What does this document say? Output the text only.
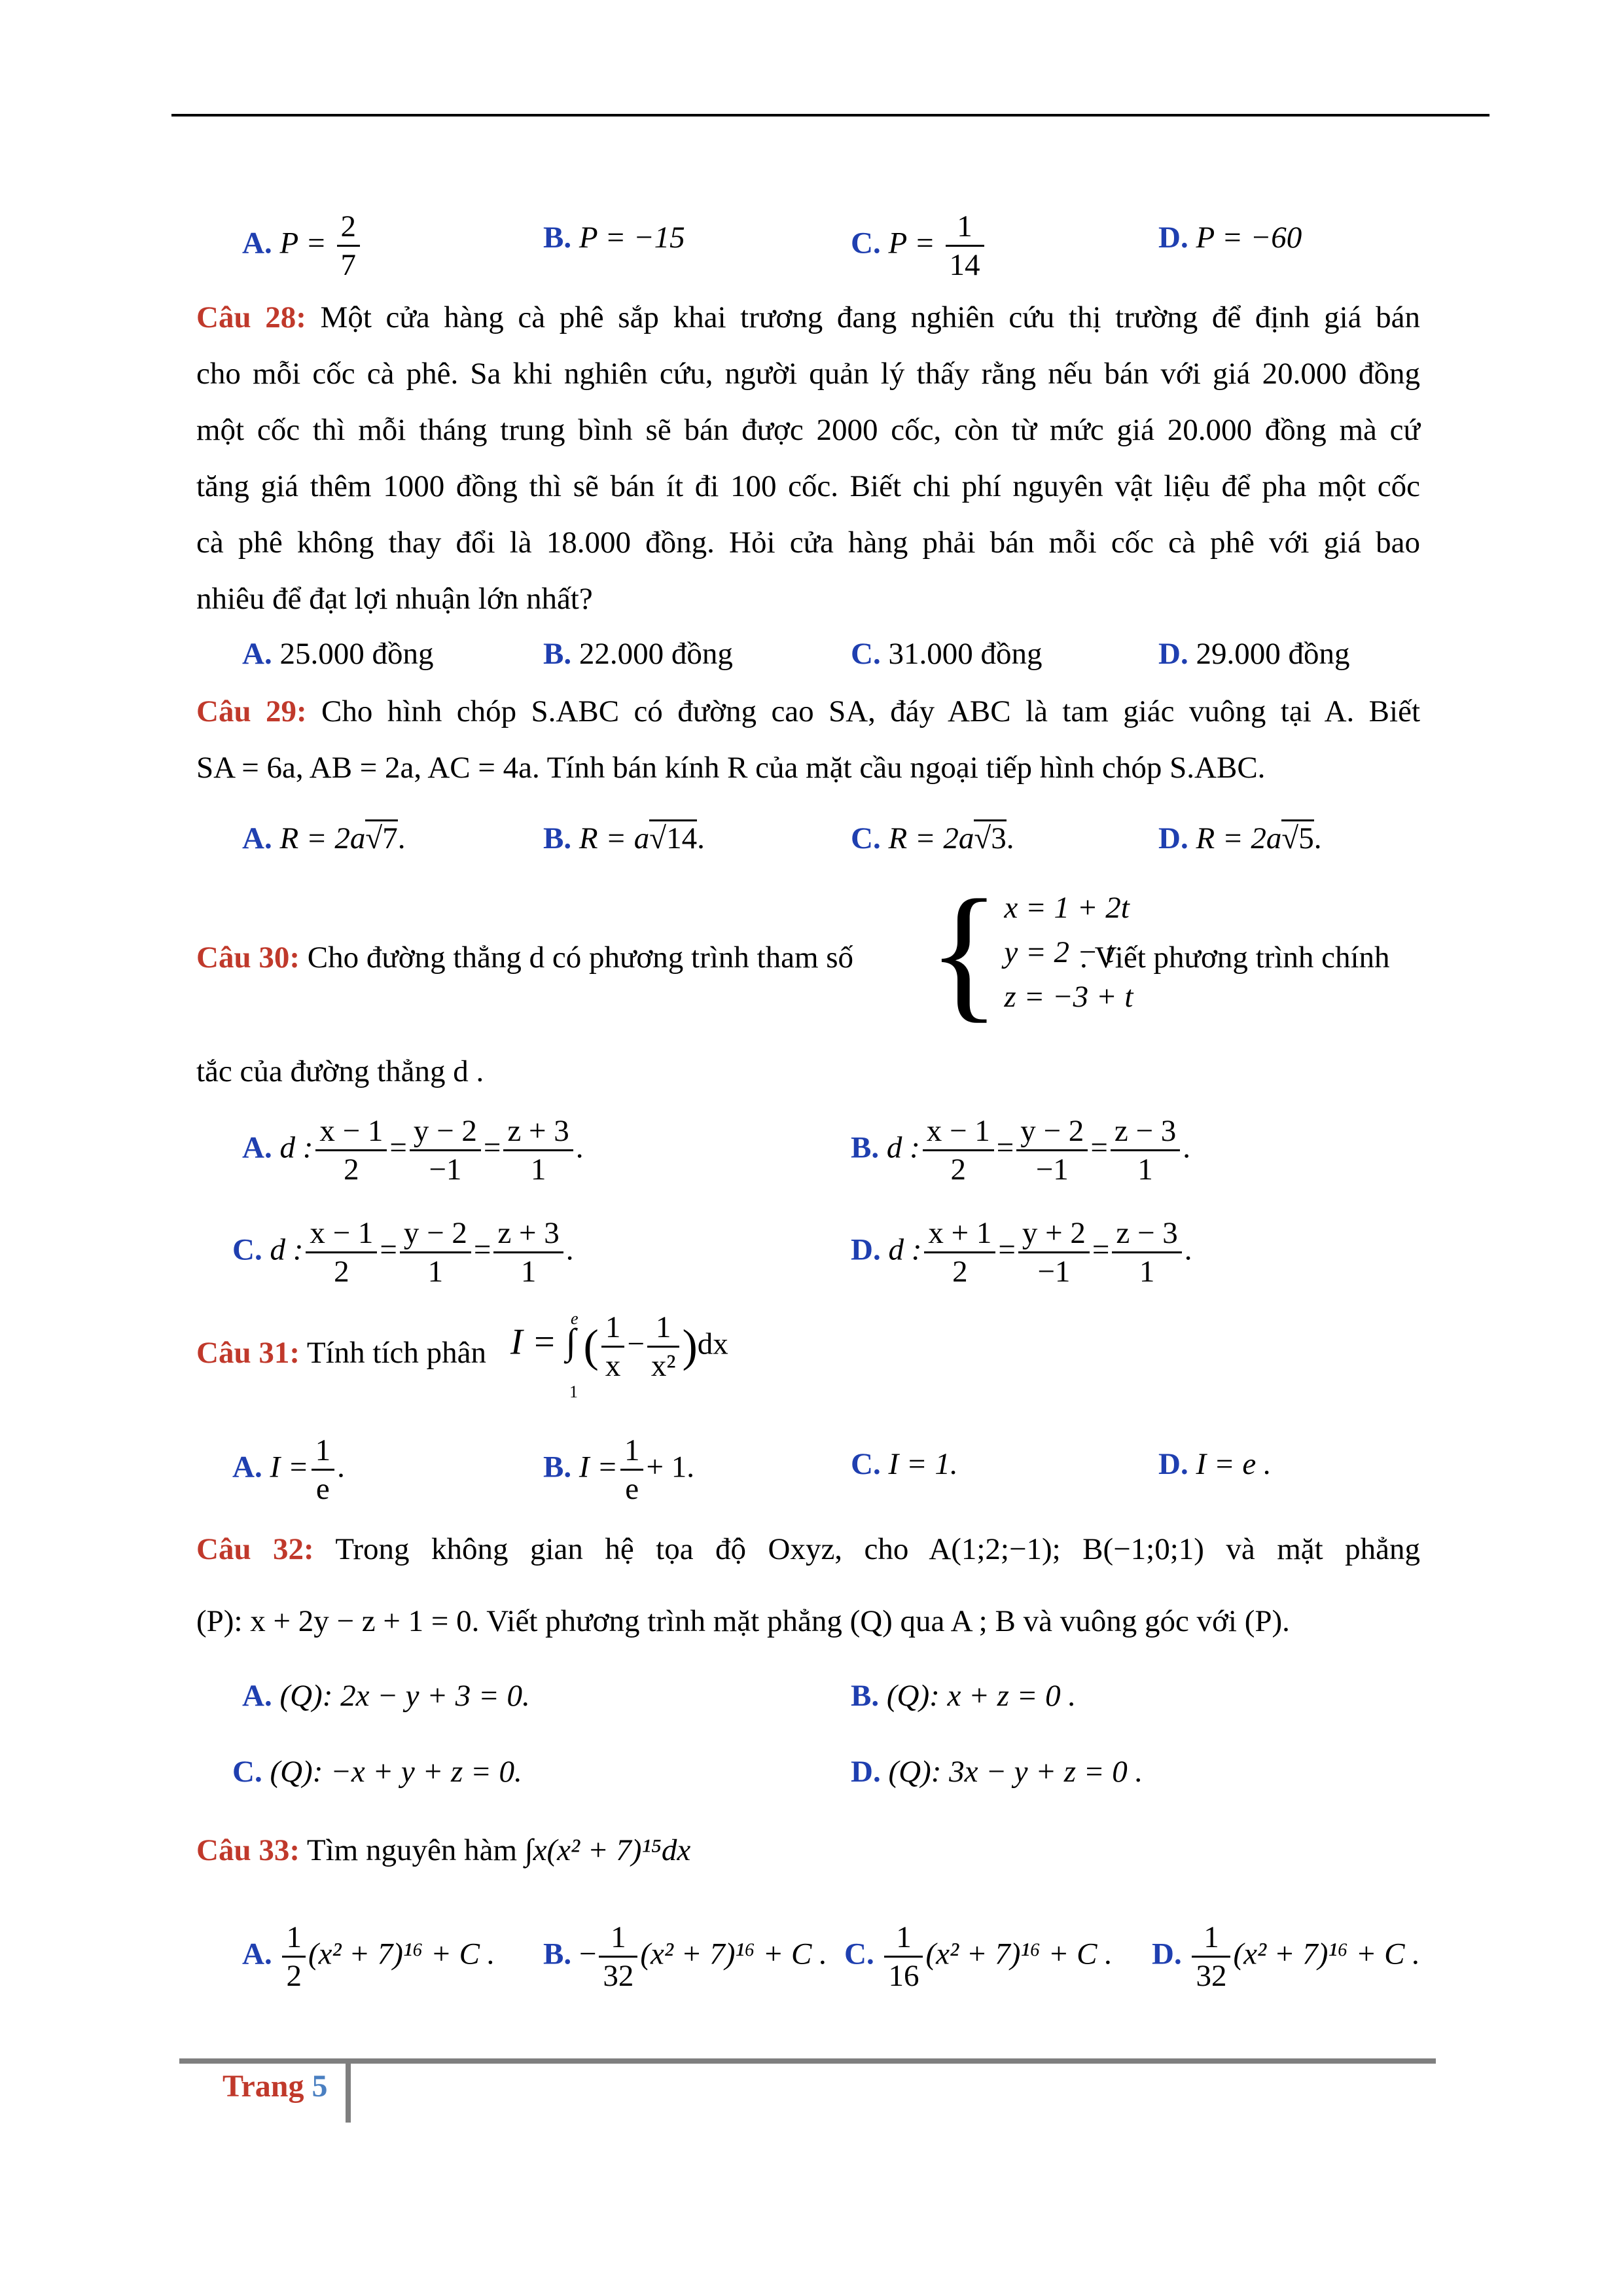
A. $P = \frac{2}{7}$	B. P = −15	C. $P = \frac{1}{14}$	D. P = −60
Câu 28: Một cửa hàng cà phê sắp khai trương đang nghiên cứu thị trường để định giá bán
cho mỗi cốc cà phê. Sa khi nghiên cứu, người quản lý thấy rằng nếu bán với giá 20.000 đồng
một cốc thì mỗi tháng trung bình sẽ bán được 2000 cốc, còn từ mức giá 20.000 đồng mà cứ
tăng giá thêm 1000 đồng thì sẽ bán ít đi 100 cốc. Biết chi phí nguyên vật liệu để pha một cốc
cà phê không thay đổi là 18.000 đồng. Hỏi cửa hàng phải bán mỗi cốc cà phê với giá bao
nhiêu để đạt lợi nhuận lớn nhất?
A. 25.000 đồng	B. 22.000 đồng	C. 31.000 đồng	D. 29.000 đồng
Câu 29: Cho hình chóp S.ABC có đường cao SA, đáy ABC là tam giác vuông tại A. Biết
SA = 6a, AB = 2a, AC = 4a. Tính bán kính R của mặt cầu ngoại tiếp hình chóp S.ABC.
A. R = 2a√7.	B. R = a√14.	C. R = 2a√3.	D. R = 2a√5.
Câu 30: Cho đường thẳng d có phương trình tham số { x = 1 + 2t
y = 2 − t
z = −3 + t
. Viết phương trình chính
tắc của đường thẳng d .
A. d : $\frac{x - 1}{2} = \frac{y - 2}{-1} = \frac{z + 3}{1}$ .	B. d : $\frac{x - 1}{2} = \frac{y - 2}{-1} = \frac{z - 3}{1}$ .
C. d : $\frac{x - 1}{2} = \frac{y - 2}{1} = \frac{z + 3}{1}$ .	D. d : $\frac{x + 1}{2} = \frac{y + 2}{-1} = \frac{z - 3}{1}$ .
Câu 31: Tính tích phân I = ∫
e
1
( $\frac{1}{x} - \frac{1}{\text{x²}} )dx$
A. $I = \frac{1}{e}$ .	B. $I = \frac{1}{e} + 1$.	C. I = 1.	D. I = e .
Câu 32: Trong không gian hệ tọa độ Oxyz, cho A(1;2;−1); B(−1;0;1) và mặt phẳng
(P): x + 2y − z + 1 = 0. Viết phương trình mặt phẳng (Q) qua A ; B và vuông góc với (P).
A. (Q): 2x − y + 3 = 0.	B. (Q): x + z = 0 .
C. (Q): −x + y + z = 0.	D. (Q): 3x − y + z = 0 .
Câu 33: Tìm nguyên hàm ∫x(x² + 7)¹⁵dx
A. $\frac{1}{2} (x^2 + 7)^{16} + C$ . B. − $\frac{1}{32} (x^2 + 7)^{16} + C$ . C. $\frac{1}{16} (x^2 + 7)^{16} + C$ . D. $\frac{1}{32} (x^2 + 7)^{16} + C$ .
Trang 5
